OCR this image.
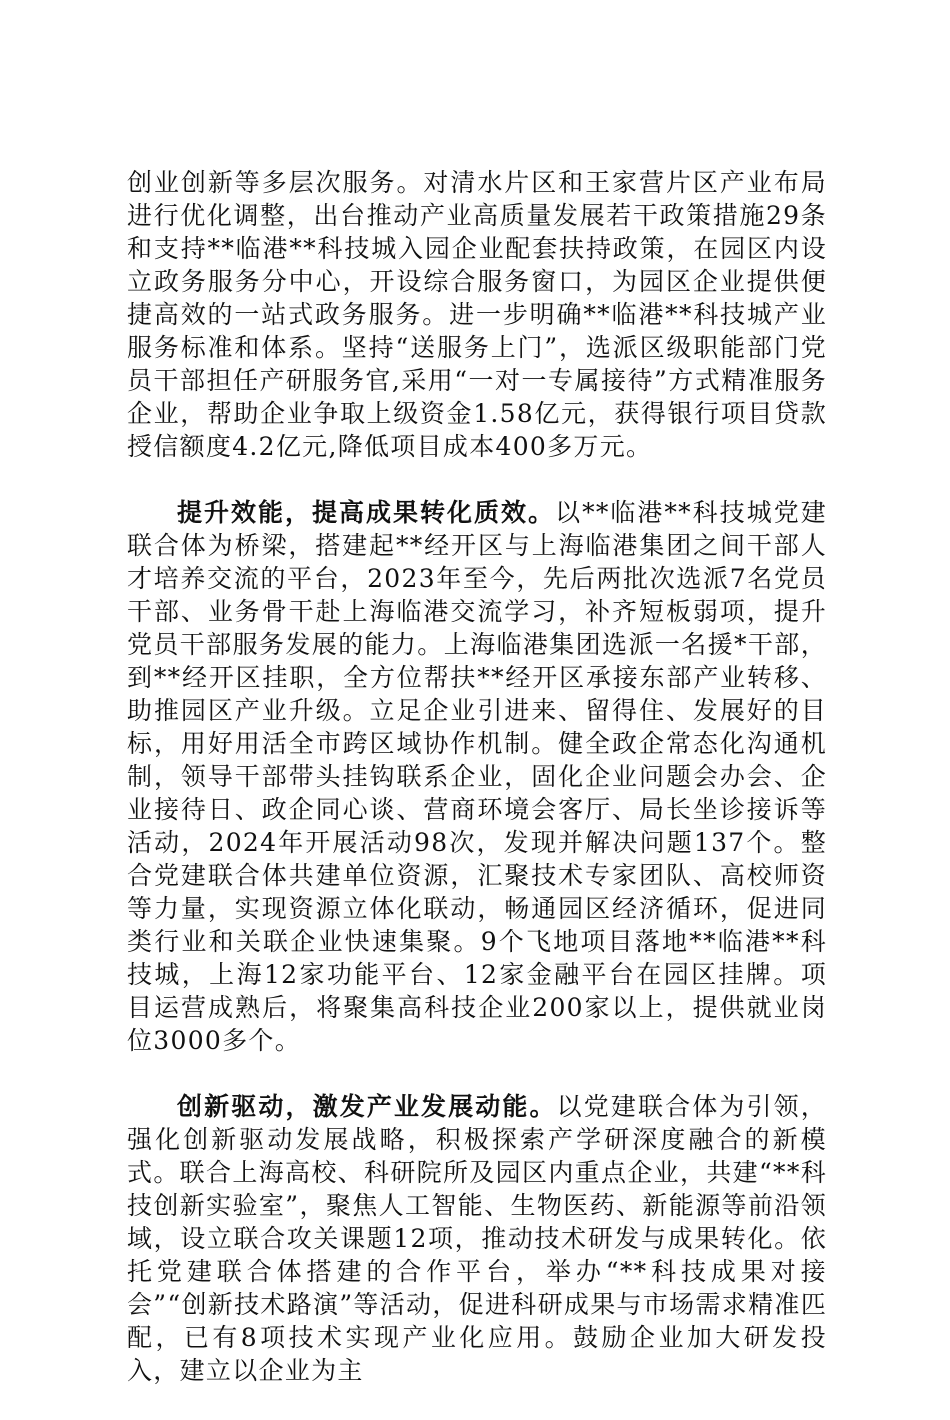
创业创新等多层次服务。对清水片区和王家营片区产业布局进行优化调整，出台推动产业高质量发展若干政策措施29条和支持**临港**科技城入园企业配套扶持政策，在园区内设立政务服务分中心，开设综合服务窗口，为园区企业提供便捷高效的一站式政务服务。进一步明确**临港**科技城产业服务标准和体系。坚持“送服务上门”，选派区级职能部门党员干部担任产研服务官,采用“一对一专属接待”方式精准服务企业，帮助企业争取上级资金1.58亿元，获得银行项目贷款授信额度4.2亿元,降低项目成本400多万元。

提升效能，提高成果转化质效。以**临港**科技城党建联合体为桥梁，搭建起**经开区与上海临港集团之间干部人才培养交流的平台，2023年至今，先后两批次选派7名党员干部、业务骨干赴上海临港交流学习，补齐短板弱项，提升党员干部服务发展的能力。上海临港集团选派一名援*干部，到**经开区挂职，全方位帮扶**经开区承接东部产业转移、助推园区产业升级。立足企业引进来、留得住、发展好的目标，用好用活全市跨区域协作机制。健全政企常态化沟通机制，领导干部带头挂钩联系企业，固化企业问题会办会、企业接待日、政企同心谈、营商环境会客厅、局长坐诊接诉等活动，2024年开展活动98次，发现并解决问题137个。整合党建联合体共建单位资源，汇聚技术专家团队、高校师资等力量，实现资源立体化联动，畅通园区经济循环，促进同类行业和关联企业快速集聚。9个飞地项目落地**临港**科技城，上海12家功能平台、12家金融平台在园区挂牌。项目运营成熟后，将聚集高科技企业200家以上，提供就业岗位3000多个。

创新驱动，激发产业发展动能。以党建联合体为引领，强化创新驱动发展战略，积极探索产学研深度融合的新模式。联合上海高校、科研院所及园区内重点企业，共建“**科技创新实验室”，聚焦人工智能、生物医药、新能源等前沿领域，设立联合攻关课题12项，推动技术研发与成果转化。依托党建联合体搭建的合作平台，举办“**科技成果对接会”“创新技术路演”等活动，促进科研成果与市场需求精准匹配，已有8项技术实现产业化应用。鼓励企业加大研发投入，建立以企业为主
